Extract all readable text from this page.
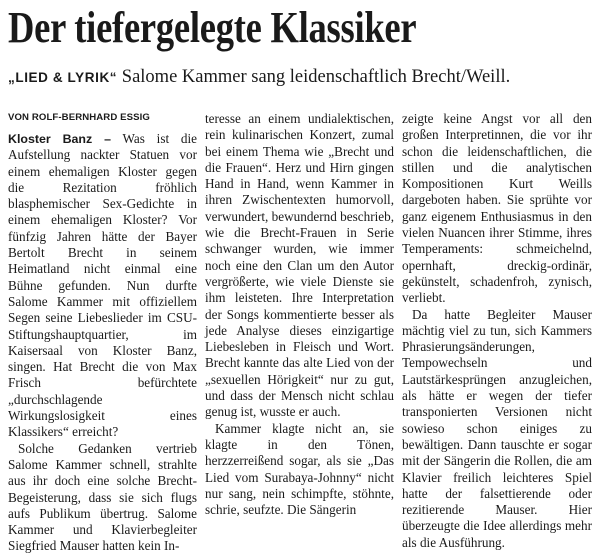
Der tiefergelegte Klassiker
„LIED & LYRIK“ Salome Kammer sang leidenschaftlich Brecht/Weill.
VON ROLF-BERNHARD ESSIG

Kloster Banz – Was ist die Aufstellung nackter Statuen vor einem ehemaligen Kloster gegen die Rezitation fröhlich blasphemischer Sex-Gedichte in einem ehemaligen Kloster? Vor fünfzig Jahren hätte der Bayer Bertolt Brecht in seinem Heimatland nicht einmal eine Bühne gefunden. Nun durfte Salome Kammer mit offiziellem Segen seine Liebeslieder im CSU-Stiftungshauptquartier, im Kaisersaal von Kloster Banz, singen. Hat Brecht die von Max Frisch befürchtete „durchschlagende Wirkungslosigkeit eines Klassikers“ erreicht?

Solche Gedanken vertrieb Salome Kammer schnell, strahlte aus ihr doch eine solche Brecht-Begeisterung, dass sie sich flugs aufs Publikum übertrug. Salome Kammer und Klavierbegleiter Siegfried Mauser hatten kein In-

teresse an einem undialektischen, rein kulinarischen Konzert, zumal bei einem Thema wie „Brecht und die Frauen“. Herz und Hirn gingen Hand in Hand, wenn Kammer in ihren Zwischentexten humorvoll, verwundert, bewundernd beschrieb, wie die Brecht-Frauen in Serie schwanger wurden, wie immer noch eine den Clan um den Autor vergrößerte, wie viele Dienste sie ihm leisteten. Ihre Interpretation der Songs kommentierte besser als jede Analyse dieses einzigartige Liebesleben in Fleisch und Wort. Brecht kannte das alte Lied von der „sexuellen Hörigkeit“ nur zu gut, und dass der Mensch nicht schlau genug ist, wusste er auch.

Kammer klagte nicht an, sie klagte in den Tönen, herzzerreißend sogar, als sie „Das Lied vom Surabaya-Johnny“ nicht nur sang, nein schimpfte, stöhnte, schrie, seufzte. Die Sängerin

zeigte keine Angst vor all den großen Interpretinnen, die vor ihr schon die leidenschaftlichen, die stillen und die analytischen Kompositionen Kurt Weills dargeboten haben. Sie sprühte vor ganz eigenem Enthusiasmus in den vielen Nuancen ihrer Stimme, ihres Temperaments: schmeichelnd, opernhaft, dreckig-ordinär, gekünstelt, schadenfroh, zynisch, verliebt.

Da hatte Begleiter Mauser mächtig viel zu tun, sich Kammers Phrasierungsänderungen, Tempowechseln und Lautstärkesprüngen anzugleichen, als hätte er wegen der tiefer transponierten Versionen nicht sowieso schon einiges zu bewältigen. Dann tauschte er sogar mit der Sängerin die Rollen, die am Klavier freilich leichteres Spiel hatte der falsettierende oder rezitierende Mauser. Hier überzeugte die Idee allerdings mehr als die Ausführung.
